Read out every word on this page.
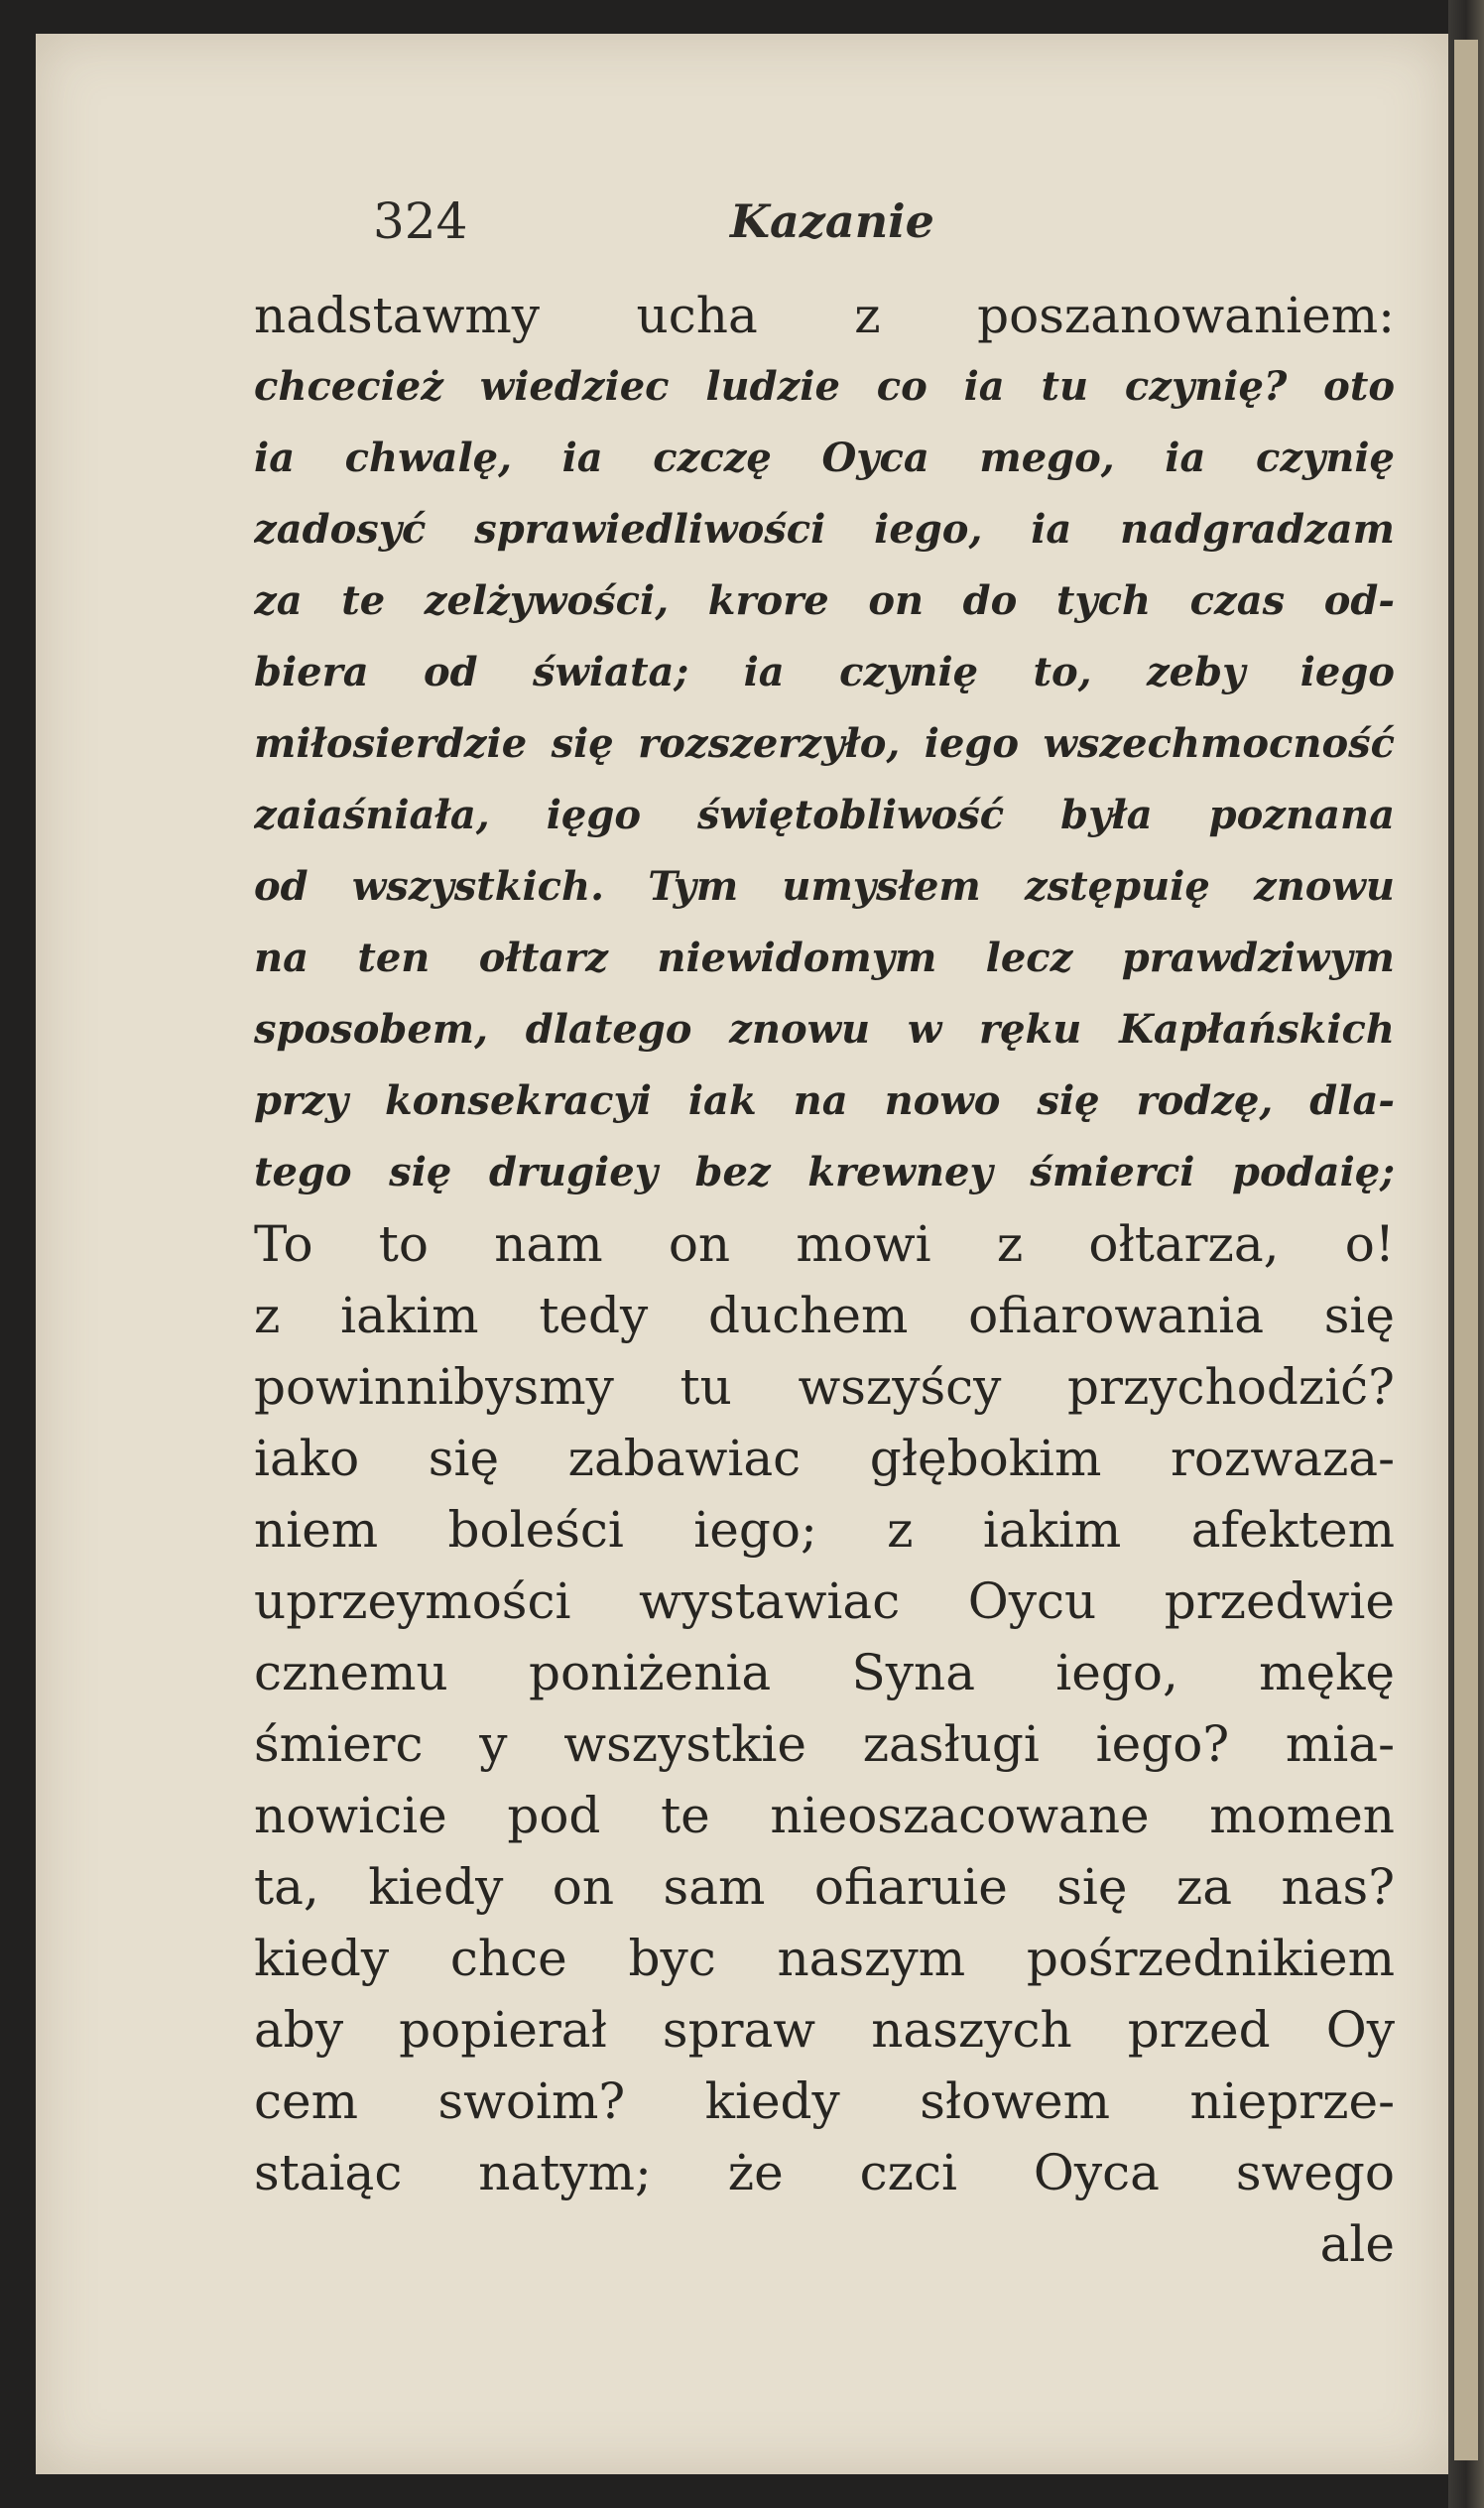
324	Kazanie
nadstawmy ucha z poszanowaniem:
chcecież wiedziec ludzie co ia tu czynię? oto
ia chwalę, ia czczę Oyca mego, ia czynię
zadosyć sprawiedliwości iego, ia nadgradzam
za te zelżywości, krore on do tych czas od-
biera od świata; ia czynię to, zeby iego
miłosierdzie się rozszerzyło, iego wszechmocność
zaiaśniała, ięgo świętobliwość była poznana
od wszystkich. Tym umysłem zstępuię znowu
na ten ołtarz niewidomym lecz prawdziwym
sposobem, dlatego znowu w ręku Kapłańskich
przy konsekracyi iak na nowo się rodzę, dla-
tego się drugiey bez krewney śmierci podaię;
To to nam on mowi z ołtarza, o!
z iakim tedy duchem ofiarowania się
powinnibysmy tu wszyścy przychodzić?
iako się zabawiac głębokim rozwaza-
niem boleści iego; z iakim afektem
uprzeymości wystawiac Oycu przedwie
cznemu poniżenia Syna iego, mękę
śmierc y wszystkie zasługi iego? mia-
nowicie pod te nieoszacowane momen
ta, kiedy on sam ofiaruie się za nas?
kiedy chce byc naszym pośrzednikiem
aby popierał spraw naszych przed Oy
cem swoim? kiedy słowem nieprze-
staiąc natym; że czci Oyca swego
ale
